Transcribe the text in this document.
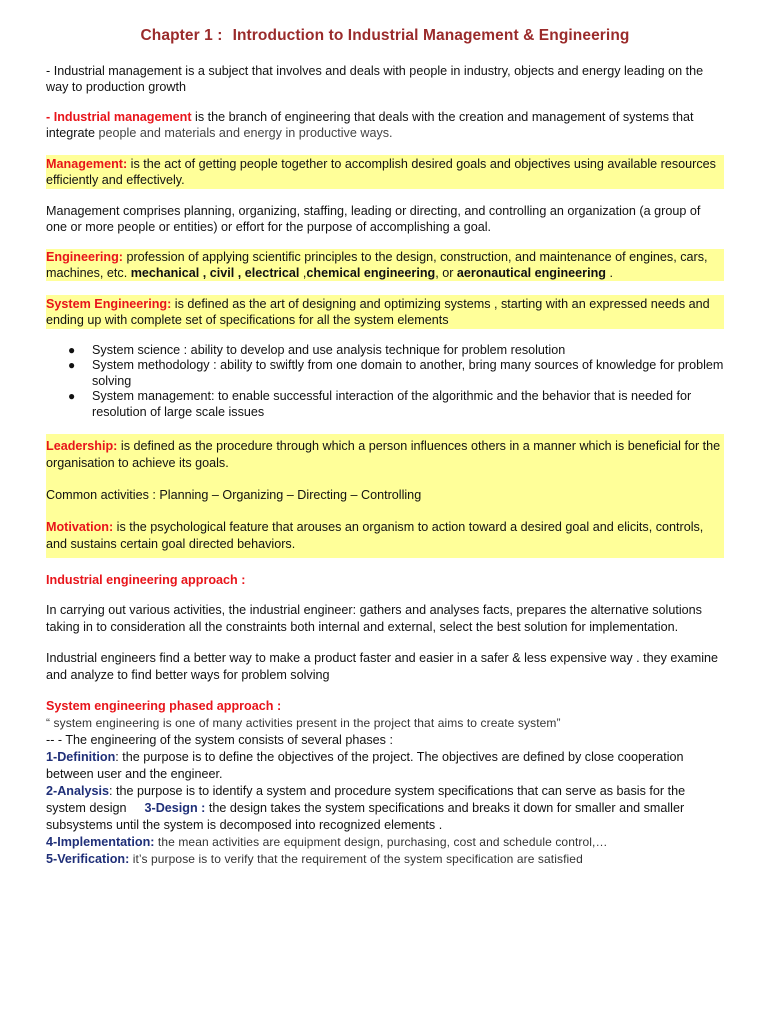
Chapter 1 : Introduction to Industrial Management & Engineering

- Industrial management is a subject that involves and deals with people in industry, objects and energy leading on the way to production growth

- Industrial management is the branch of engineering that deals with the creation and management of systems that integrate people and materials and energy in productive ways.

Management: is the act of getting people together to accomplish desired goals and objectives using available resources efficiently and effectively.

Management comprises planning, organizing, staffing, leading or directing, and controlling an organization (a group of one or more people or entities) or effort for the purpose of accomplishing a goal.

Engineering: profession of applying scientific principles to the design, construction, and maintenance of engines, cars, machines, etc. mechanical , civil , electrical ,chemical engineering, or aeronautical engineering .

System Engineering: is defined as the art of designing and optimizing systems , starting with an expressed needs and ending up with complete set of specifications for all the system elements

● System science : ability to develop and use analysis technique for problem resolution
● System methodology : ability to swiftly from one domain to another, bring many sources of knowledge for problem solving
● System management: to enable successful interaction of the algorithmic and the behavior that is needed for resolution of large scale issues

Leadership: is defined as the procedure through which a person influences others in a manner which is beneficial for the organisation to achieve its goals.

Common activities : Planning – Organizing – Directing – Controlling

Motivation: is the psychological feature that arouses an organism to action toward a desired goal and elicits, controls, and sustains certain goal directed behaviors.

Industrial engineering approach :

In carrying out various activities, the industrial engineer: gathers and analyses facts, prepares the alternative solutions taking in to consideration all the constraints both internal and external, select the best solution for implementation.

Industrial engineers find a better way to make a product faster and easier in a safer & less expensive way . they examine and analyze to find better ways for problem solving

System engineering phased approach :

“ system engineering is one of many activities present in the project that aims to create system”

-- - The engineering of the system consists of several phases :

1-Definition: the purpose is to define the objectives of the project. The objectives are defined by close cooperation between user and the engineer.

2-Analysis: the purpose is to identify a system and procedure system specifications that can serve as basis for the system design 3-Design : the design takes the system specifications and breaks it down for smaller and smaller subsystems until the system is decomposed into recognized elements .

4-Implementation: the mean activities are equipment design, purchasing, cost and schedule control,…

5-Verification: it’s purpose is to verify that the requirement of the system specification are satisfied
